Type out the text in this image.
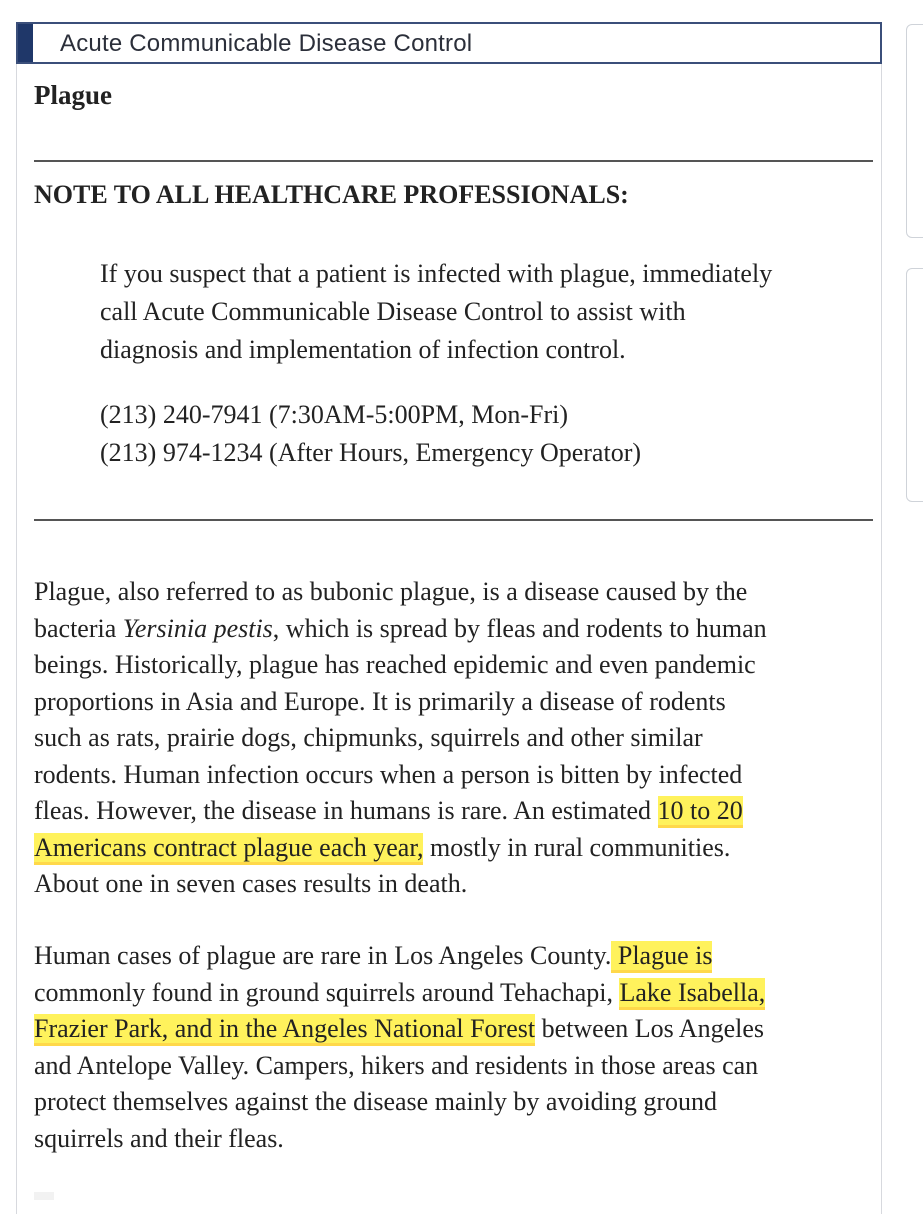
Acute Communicable Disease Control
Plague
NOTE TO ALL HEALTHCARE PROFESSIONALS:

If you suspect that a patient is infected with plague, immediately
call Acute Communicable Disease Control to assist with
diagnosis and implementation of infection control.

(213) 240-7941 (7:30AM-5:00PM, Mon-Fri)

(213) 974-1234 (After Hours, Emergency Operator)

Plague, also referred to as bubonic plague, is a disease caused by the
bacteria Yersinia pestis, which is spread by fleas and rodents to human
beings. Historically, plague has reached epidemic and even pandemic
proportions in Asia and Europe. It is primarily a disease of rodents
such as rats, prairie dogs, chipmunks, squirrels and other similar
rodents. Human infection occurs when a person is bitten by infected
fleas. However, the disease in humans is rare. An estimated 10 to 20
Americans contract plague each year, mostly in rural communities.
About one in seven cases results in death.

Human cases of plague are rare in Los Angeles County. Plague is
commonly found in ground squirrels around Tehachapi, Lake Isabella,
Frazier Park, and in the Angeles National Forest between Los Angeles
and Antelope Valley. Campers, hikers and residents in those areas can
protect themselves against the disease mainly by avoiding ground
squirrels and their fleas.
